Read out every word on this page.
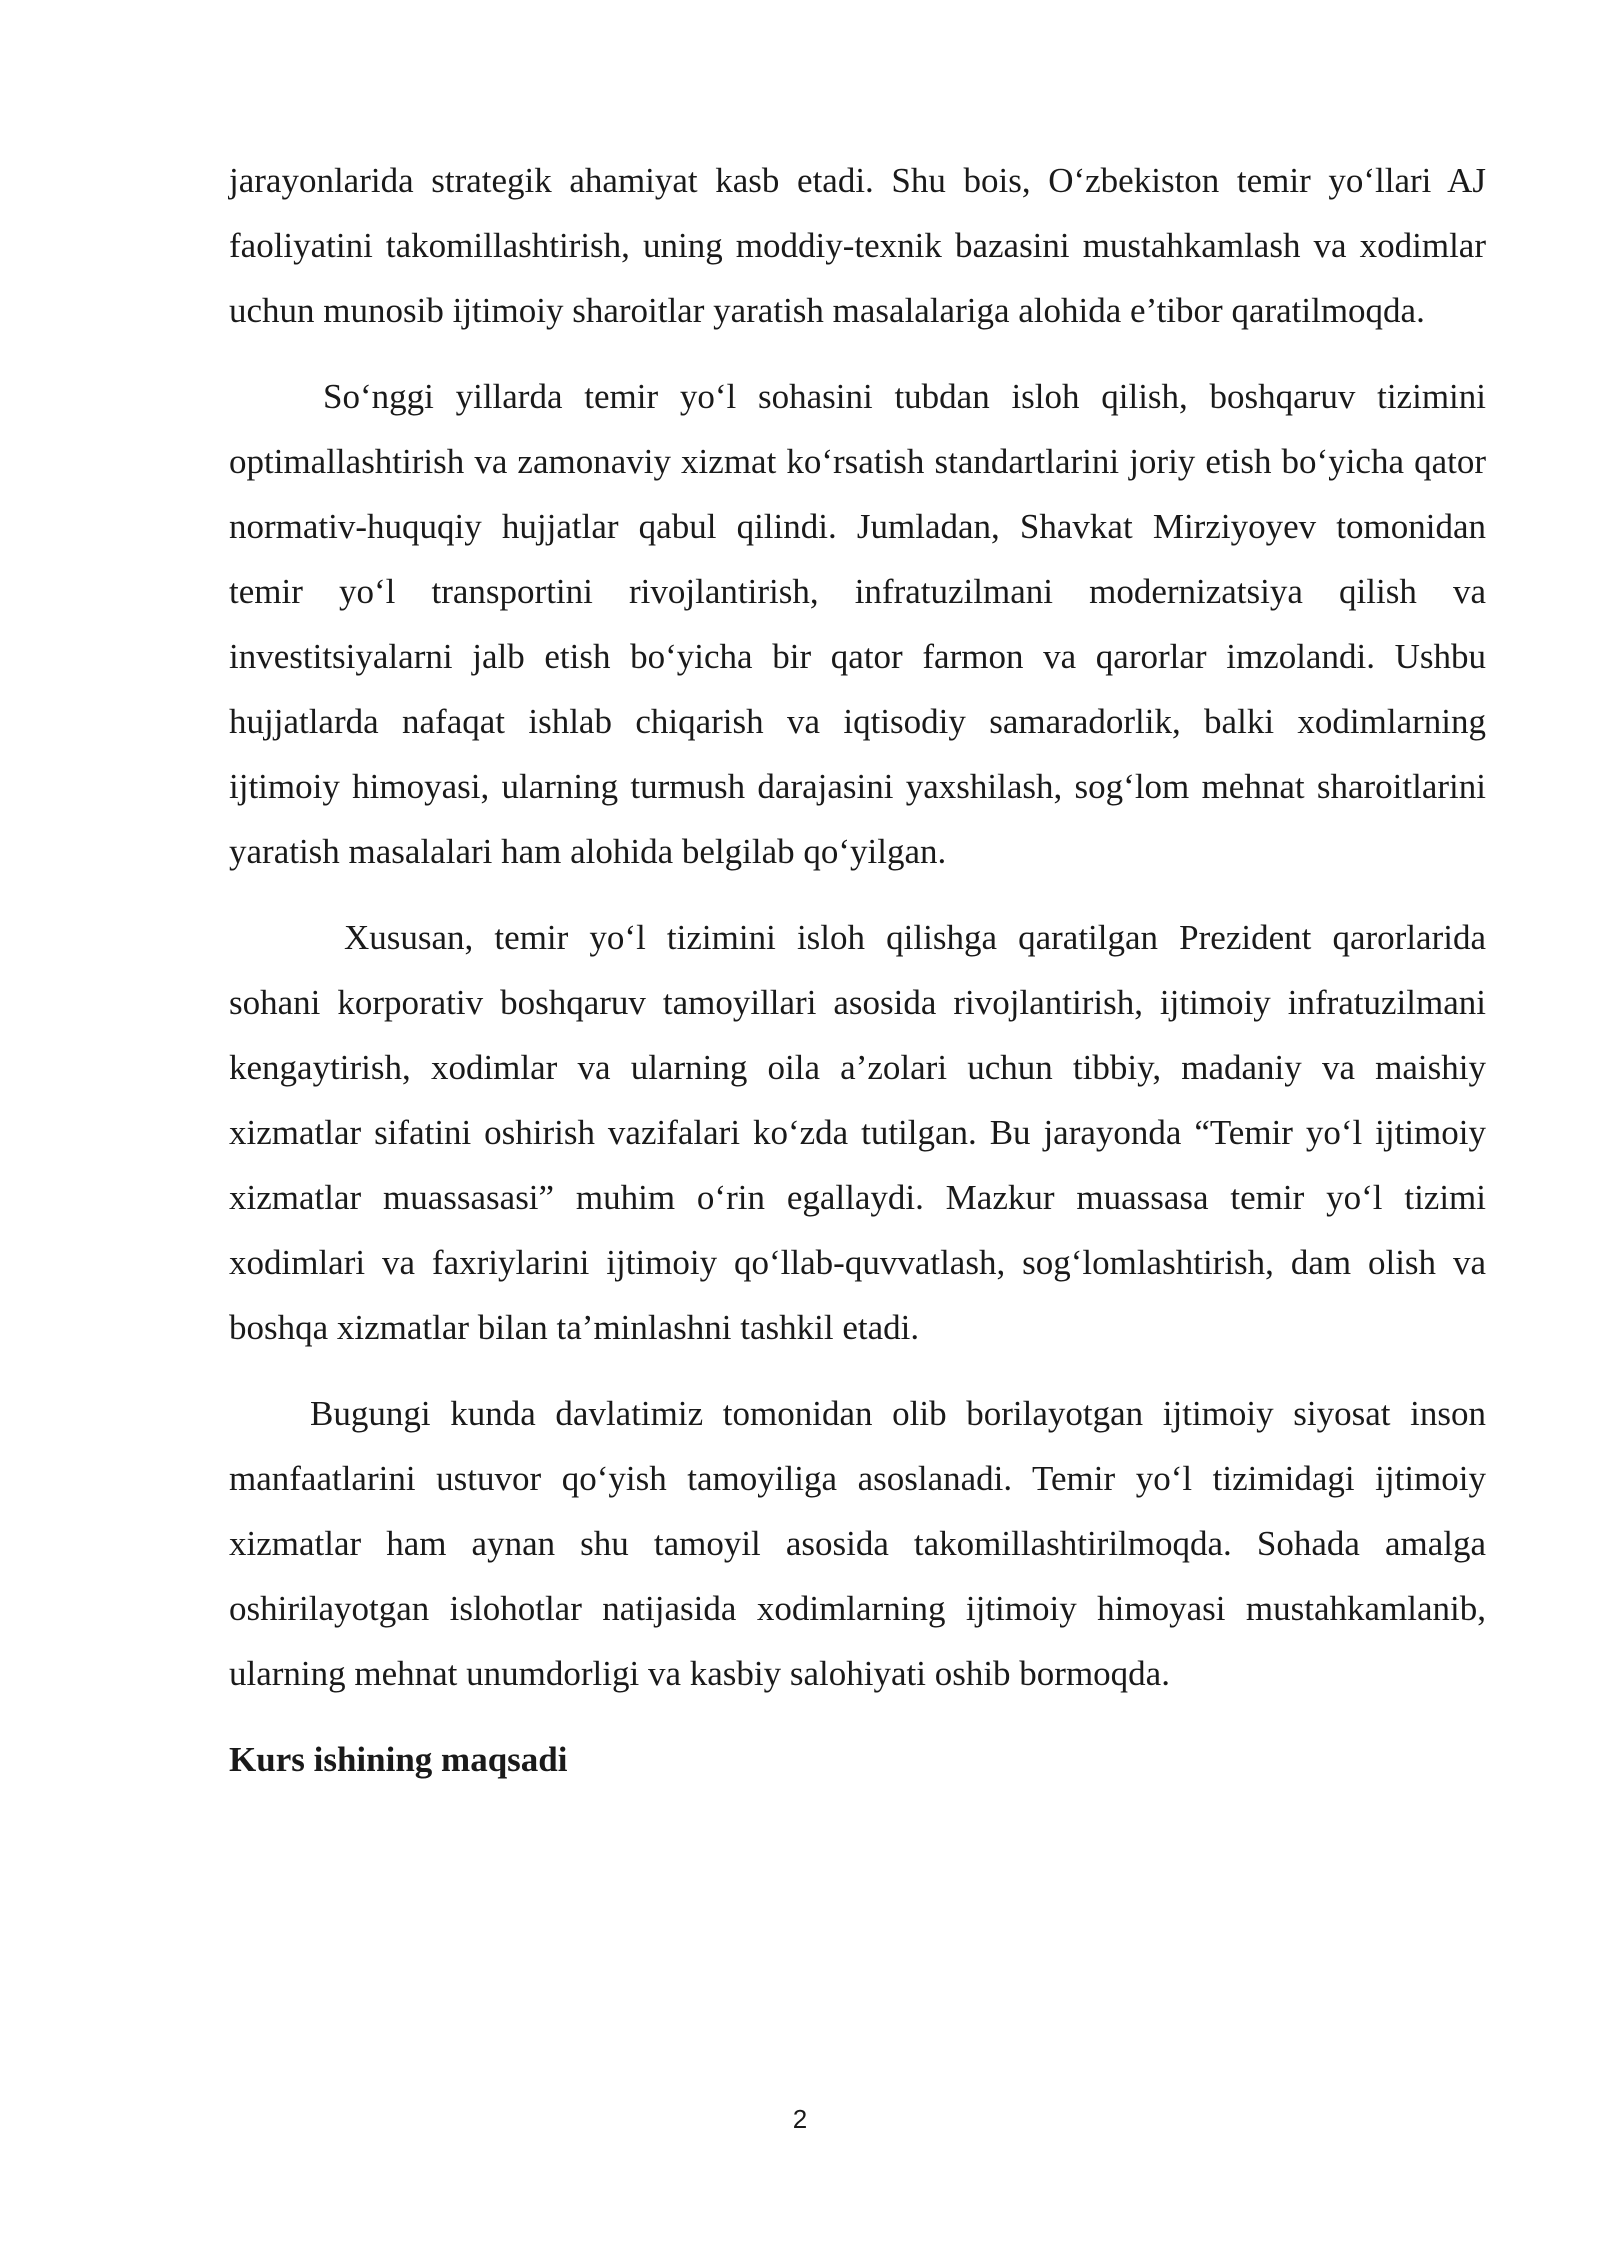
jarayonlarida strategik ahamiyat kasb etadi. Shu bois, O‘zbekiston temir yo‘llari AJ faoliyatini takomillashtirish, uning moddiy-texnik bazasini mustahkamlash va xodimlar uchun munosib ijtimoiy sharoitlar yaratish masalalariga alohida e’tibor qaratilmoqda.

So‘nggi yillarda temir yo‘l sohasini tubdan isloh qilish, boshqaruv tizimini optimallashtirish va zamonaviy xizmat ko‘rsatish standartlarini joriy etish bo‘yicha qator normativ-huquqiy hujjatlar qabul qilindi. Jumladan, Shavkat Mirziyoyev tomonidan temir yo‘l transportini rivojlantirish, infratuzilmani modernizatsiya qilish va investitsiyalarni jalb etish bo‘yicha bir qator farmon va qarorlar imzolandi. Ushbu hujjatlarda nafaqat ishlab chiqarish va iqtisodiy samaradorlik, balki xodimlarning ijtimoiy himoyasi, ularning turmush darajasini yaxshilash, sog‘lom mehnat sharoitlarini yaratish masalalari ham alohida belgilab qo‘yilgan.

Xususan, temir yo‘l tizimini isloh qilishga qaratilgan Prezident qarorlarida sohani korporativ boshqaruv tamoyillari asosida rivojlantirish, ijtimoiy infratuzilmani kengaytirish, xodimlar va ularning oila a’zolari uchun tibbiy, madaniy va maishiy xizmatlar sifatini oshirish vazifalari ko‘zda tutilgan. Bu jarayonda “Temir yo‘l ijtimoiy xizmatlar muassasasi” muhim o‘rin egallaydi. Mazkur muassasa temir yo‘l tizimi xodimlari va faxriylarini ijtimoiy qo‘llab-quvvatlash, sog‘lomlashtirish, dam olish va boshqa xizmatlar bilan ta’minlashni tashkil etadi.

Bugungi kunda davlatimiz tomonidan olib borilayotgan ijtimoiy siyosat inson manfaatlarini ustuvor qo‘yish tamoyiliga asoslanadi. Temir yo‘l tizimidagi ijtimoiy xizmatlar ham aynan shu tamoyil asosida takomillashtirilmoqda. Sohada amalga oshirilayotgan islohotlar natijasida xodimlarning ijtimoiy himoyasi mustahkamlanib, ularning mehnat unumdorligi va kasbiy salohiyati oshib bormoqda.

Kurs ishining maqsadi

2
